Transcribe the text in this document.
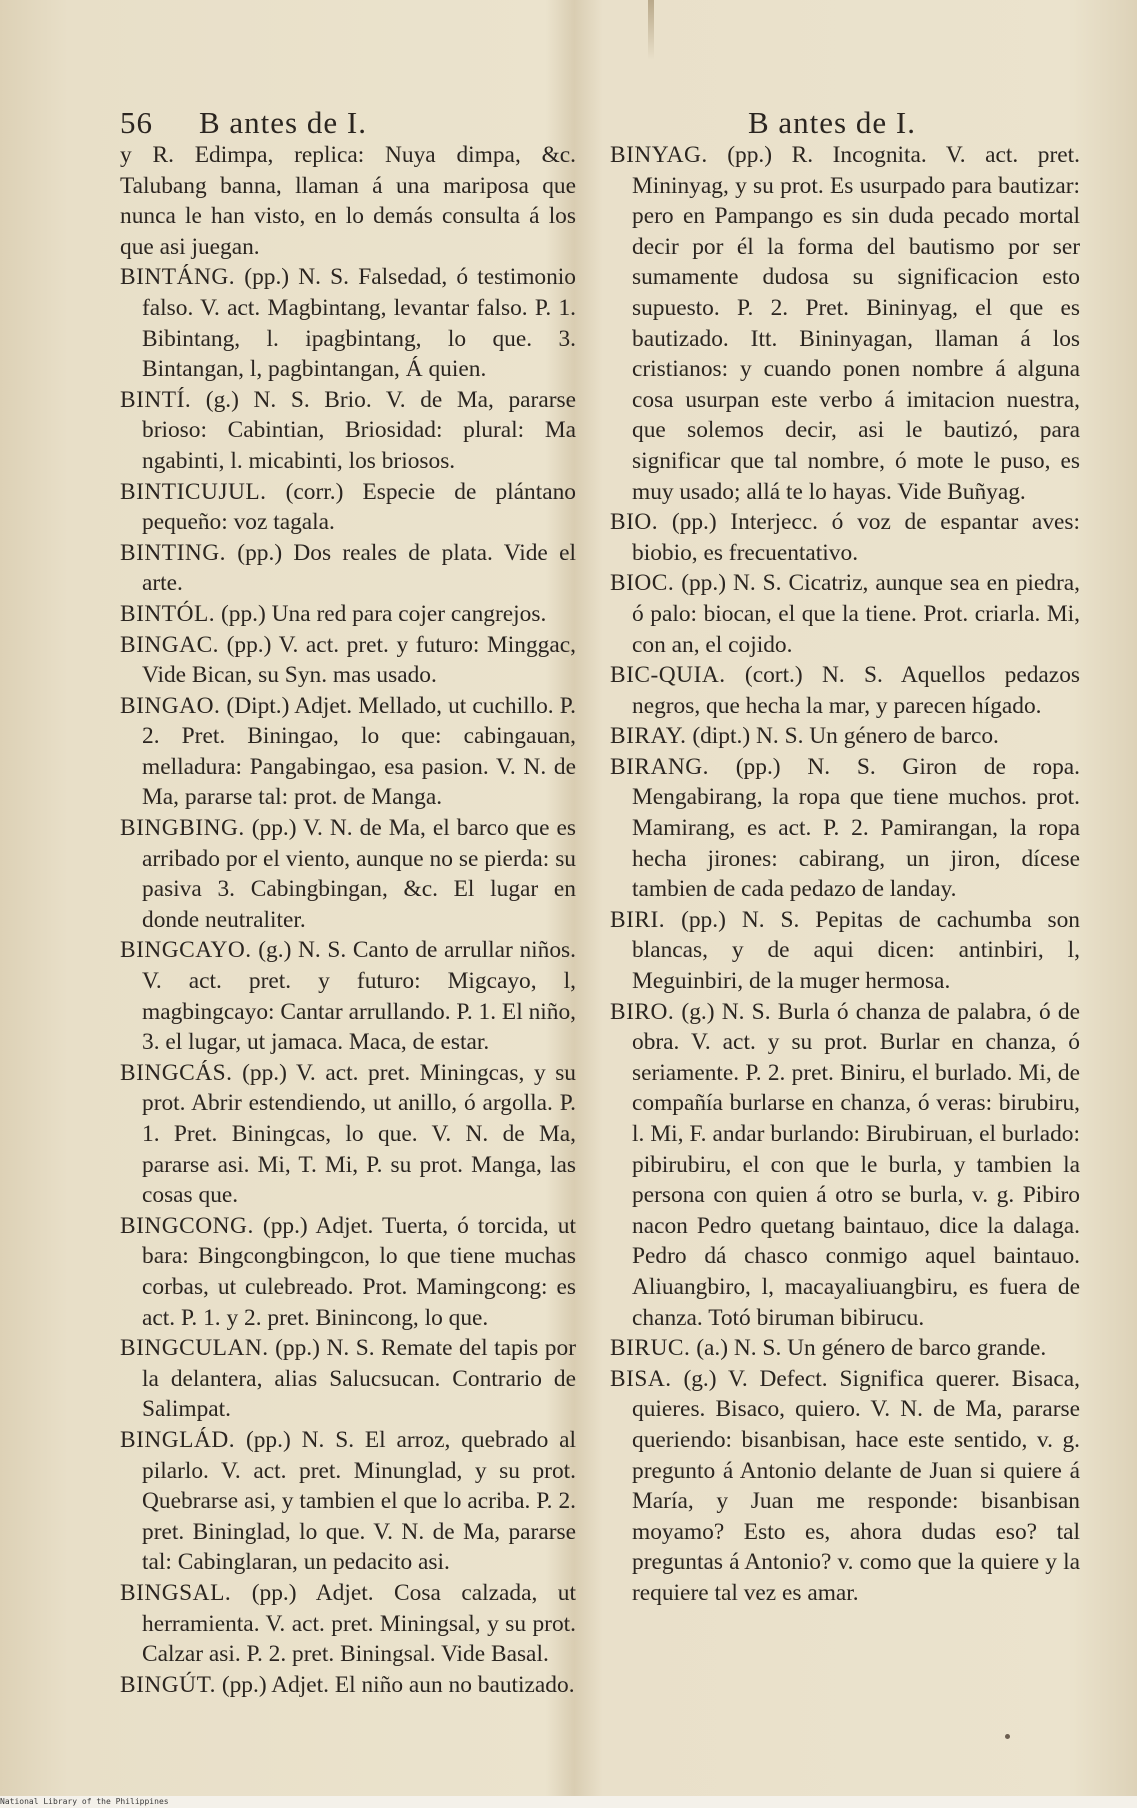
56 B antes de I.

y R. Edimpa, replica: Nuya dimpa, &c. Talubang banna, llaman á una mariposa que nunca le han visto, en lo demás consulta á los que asi juegan.

BINTÁNG. (pp.) N. S. Falsedad, ó testimonio falso. V. act. Magbintang, levantar falso. P. 1. Bibintang, l. ipagbintang, lo que. 3. Bintangan, l, pagbintangan, Á quien.

BINTÍ. (g.) N. S. Brio. V. de Ma, pararse brioso: Cabintian, Briosidad: plural: Ma ngabinti, l. micabinti, los briosos.

BINTICUJUL. (corr.) Especie de plántano pequeño: voz tagala.

BINTING. (pp.) Dos reales de plata. Vide el arte.

BINTÓL. (pp.) Una red para cojer cangrejos.

BINGAC. (pp.) V. act. pret. y futuro: Minggac, Vide Bican, su Syn. mas usado.

BINGAO. (Dipt.) Adjet. Mellado, ut cuchillo. P. 2. Pret. Biningao, lo que: cabingauan, melladura: Pangabingao, esa pasion. V. N. de Ma, pararse tal: prot. de Manga.

BINGBING. (pp.) V. N. de Ma, el barco que es arribado por el viento, aunque no se pierda: su pasiva 3. Cabingbingan, &c. El lugar en donde neutraliter.

BINGCAYO. (g.) N. S. Canto de arrullar niños. V. act. pret. y futuro: Migcayo, l, magbingcayo: Cantar arrullando. P. 1. El niño, 3. el lugar, ut jamaca. Maca, de estar.

BINGCÁS. (pp.) V. act. pret. Miningcas, y su prot. Abrir estendiendo, ut anillo, ó argolla. P. 1. Pret. Biningcas, lo que. V. N. de Ma, pararse asi. Mi, T. Mi, P. su prot. Manga, las cosas que.

BINGCONG. (pp.) Adjet. Tuerta, ó torcida, ut bara: Bingcongbingcon, lo que tiene muchas corbas, ut culebreado. Prot. Mamingcong: es act. P. 1. y 2. pret. Binincong, lo que.

BINGCULAN. (pp.) N. S. Remate del tapis por la delantera, alias Salucsucan. Contrario de Salimpat.

BINGLÁD. (pp.) N. S. El arroz, quebrado al pilarlo. V. act. pret. Minunglad, y su prot. Quebrarse asi, y tambien el que lo acriba. P. 2. pret. Bininglad, lo que. V. N. de Ma, pararse tal: Cabinglaran, un pedacito asi.

BINGSAL. (pp.) Adjet. Cosa calzada, ut herramienta. V. act. pret. Miningsal, y su prot. Calzar asi. P. 2. pret. Biningsal. Vide Basal.

BINGÚT. (pp.) Adjet. El niño aun no bautizado.

B antes de I.

BINYAG. (pp.) R. Incognita. V. act. pret. Mininyag, y su prot. Es usurpado para bautizar: pero en Pampango es sin duda pecado mortal decir por él la forma del bautismo por ser sumamente dudosa su significacion esto supuesto. P. 2. Pret. Bininyag, el que es bautizado. Itt. Bininyagan, llaman á los cristianos: y cuando ponen nombre á alguna cosa usurpan este verbo á imitacion nuestra, que solemos decir, asi le bautizó, para significar que tal nombre, ó mote le puso, es muy usado; allá te lo hayas. Vide Buñyag.

BIO. (pp.) Interjecc. ó voz de espantar aves: biobio, es frecuentativo.

BIOC. (pp.) N. S. Cicatriz, aunque sea en piedra, ó palo: biocan, el que la tiene. Prot. criarla. Mi, con an, el cojido.

BIC-QUIA. (cort.) N. S. Aquellos pedazos negros, que hecha la mar, y parecen hígado.

BIRAY. (dipt.) N. S. Un género de barco.

BIRANG. (pp.) N. S. Giron de ropa. Mengabirang, la ropa que tiene muchos. prot. Mamirang, es act. P. 2. Pamirangan, la ropa hecha jirones: cabirang, un jiron, dícese tambien de cada pedazo de landay.

BIRI. (pp.) N. S. Pepitas de cachumba son blancas, y de aqui dicen: antinbiri, l, Meguinbiri, de la muger hermosa.

BIRO. (g.) N. S. Burla ó chanza de palabra, ó de obra. V. act. y su prot. Burlar en chanza, ó seriamente. P. 2. pret. Biniru, el burlado. Mi, de compañía burlarse en chanza, ó veras: birubiru, l. Mi, F. andar burlando: Birubiruan, el burlado: pibirubiru, el con que le burla, y tambien la persona con quien á otro se burla, v. g. Pibiro nacon Pedro quetang baintauo, dice la dalaga. Pedro dá chasco conmigo aquel baintauo. Aliuangbiro, l, macayaliuangbiru, es fuera de chanza. Totó biruman bibirucu.

BIRUC. (a.) N. S. Un género de barco grande.

BISA. (g.) V. Defect. Significa querer. Bisaca, quieres. Bisaco, quiero. V. N. de Ma, pararse queriendo: bisanbisan, hace este sentido, v. g. pregunto á Antonio delante de Juan si quiere á María, y Juan me responde: bisanbisan moyamo? Esto es, ahora dudas eso? tal preguntas á Antonio? v. como que la quiere y la requiere tal vez es amar.

National Library of the Philippines
